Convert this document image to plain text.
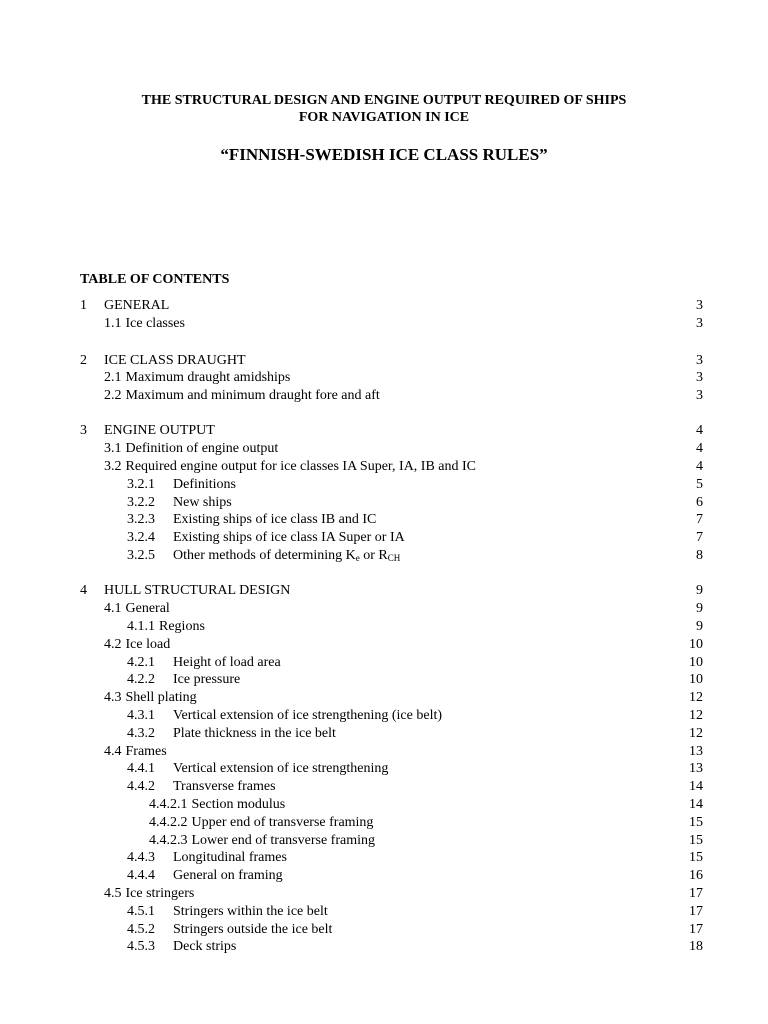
THE STRUCTURAL DESIGN AND ENGINE OUTPUT REQUIRED OF SHIPS
FOR NAVIGATION IN ICE
“FINNISH-SWEDISH ICE CLASS RULES”
TABLE OF CONTENTS
1 GENERAL	3
1.1 Ice classes	3
2 ICE CLASS DRAUGHT	3
2.1 Maximum draught amidships	3
2.2 Maximum and minimum draught fore and aft	3
3 ENGINE OUTPUT	4
3.1 Definition of engine output	4
3.2 Required engine output for ice classes IA Super, IA, IB and IC	4
3.2.1 Definitions	5
3.2.2 New ships	6
3.2.3 Existing ships of ice class IB and IC	7
3.2.4 Existing ships of ice class IA Super or IA	7
3.2.5 Other methods of determining $K_e$ or $R_{CH}$	8
4 HULL STRUCTURAL DESIGN	9
4.1 General	9
4.1.1 Regions	9
4.2 Ice load	10
4.2.1 Height of load area	10
4.2.2 Ice pressure	10
4.3 Shell plating	12
4.3.1 Vertical extension of ice strengthening (ice belt)	12
4.3.2 Plate thickness in the ice belt	12
4.4 Frames	13
4.4.1 Vertical extension of ice strengthening	13
4.4.2 Transverse frames	14
4.4.2.1 Section modulus	14
4.4.2.2 Upper end of transverse framing	15
4.4.2.3 Lower end of transverse framing	15
4.4.3 Longitudinal frames	15
4.4.4 General on framing	16
4.5 Ice stringers	17
4.5.1 Stringers within the ice belt	17
4.5.2 Stringers outside the ice belt	17
4.5.3 Deck strips	18
